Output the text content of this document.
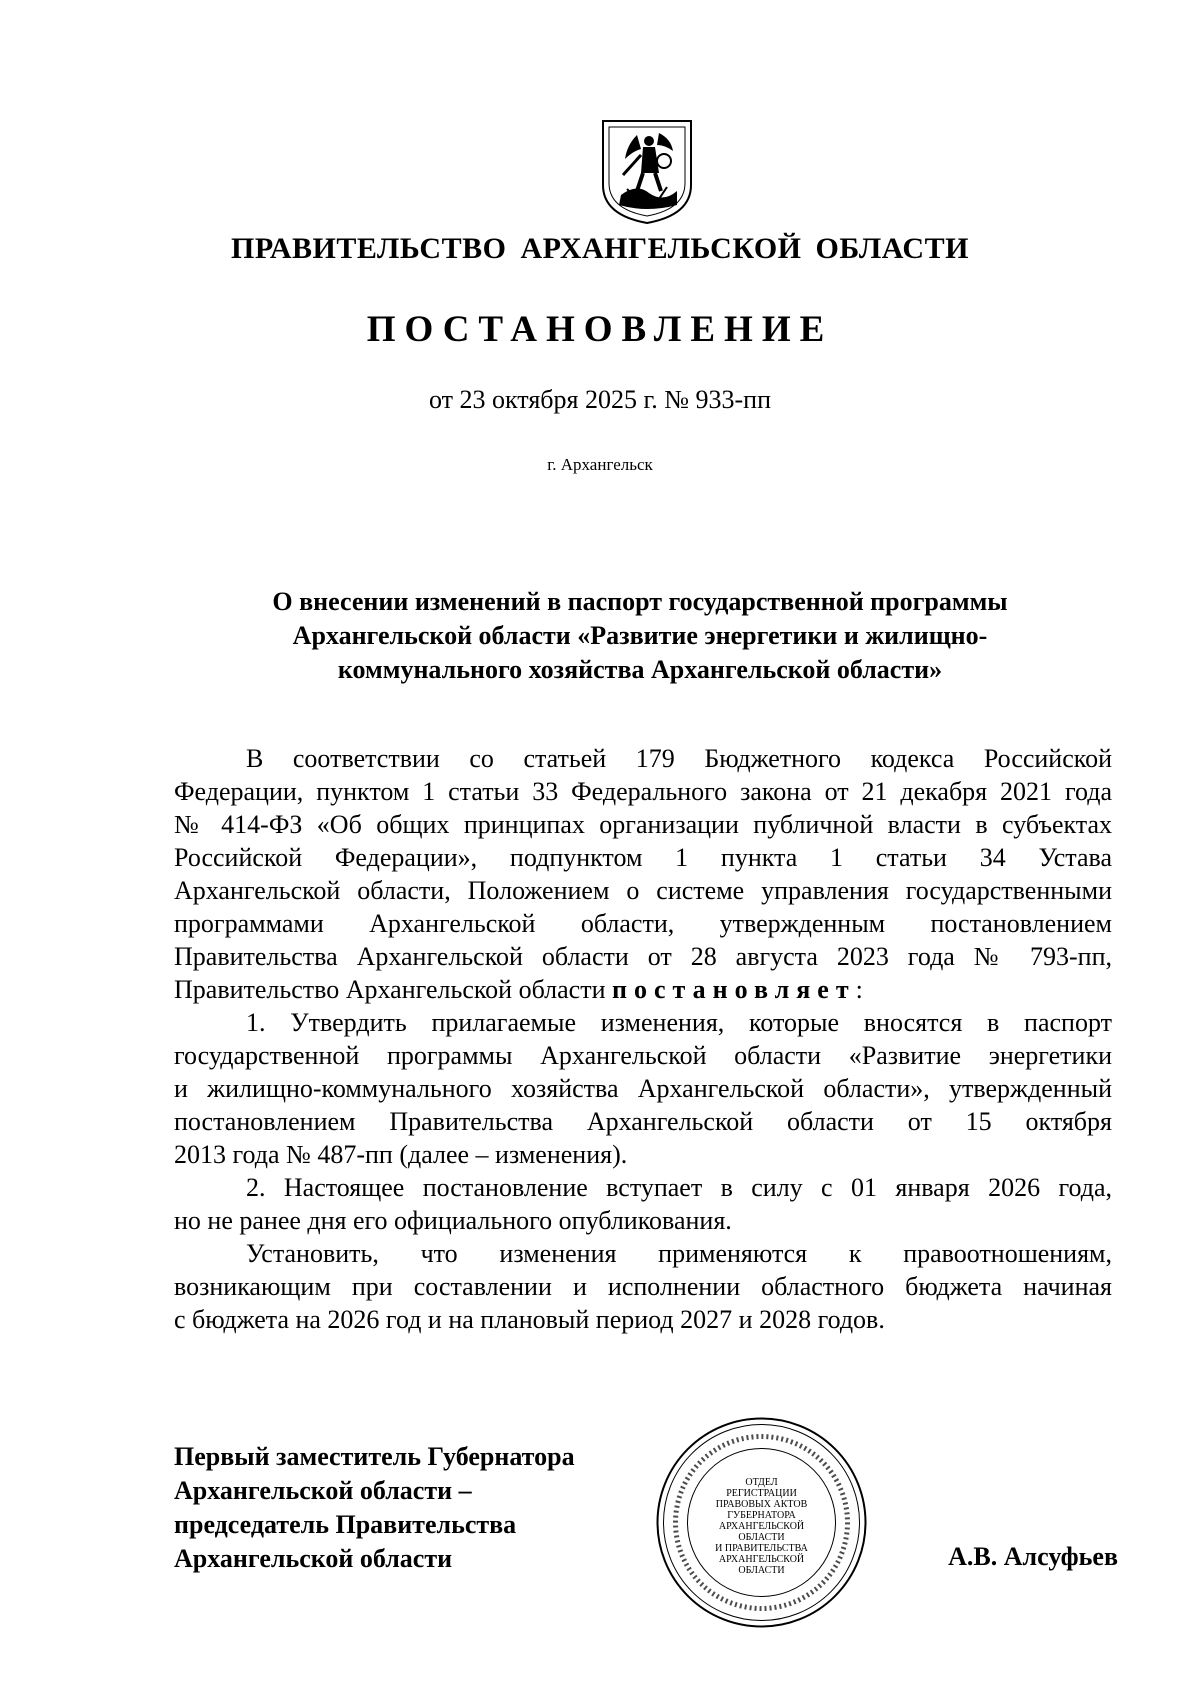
ПРАВИТЕЛЬСТВО АРХАНГЕЛЬСКОЙ ОБЛАСТИ
ПОСТАНОВЛЕНИЕ
от 23 октября 2025 г. № 933-пп
г. Архангельск
О внесении изменений в паспорт государственной программы
Архангельской области «Развитие энергетики и жилищно-
коммунального хозяйства Архангельской области»
В соответствии со статьей 179 Бюджетного кодекса Российской
Федерации, пунктом 1 статьи 33 Федерального закона от 21 декабря 2021 года
№ 414-ФЗ «Об общих принципах организации публичной власти в субъектах
Российской Федерации», подпунктом 1 пункта 1 статьи 34 Устава
Архангельской области, Положением о системе управления государственными
программами Архангельской области, утвержденным постановлением
Правительства Архангельской области от 28 августа 2023 года № 793-пп,
Правительство Архангельской области постановляет:
1. Утвердить прилагаемые изменения, которые вносятся в паспорт
государственной программы Архангельской области «Развитие энергетики
и жилищно-коммунального хозяйства Архангельской области», утвержденный
постановлением Правительства Архангельской области от 15 октября
2013 года № 487-пп (далее – изменения).
2. Настоящее постановление вступает в силу с 01 января 2026 года,
но не ранее дня его официального опубликования.
Установить, что изменения применяются к правоотношениям,
возникающим при составлении и исполнении областного бюджета начиная
с бюджета на 2026 год и на плановый период 2027 и 2028 годов.
Первый заместитель Губернатора
Архангельской области –
председатель Правительства
Архангельской области
ОТДЕЛ
РЕГИСТРАЦИИ
ПРАВОВЫХ АКТОВ
ГУБЕРНАТОРА
АРХАНГЕЛЬСКОЙ
ОБЛАСТИ
И ПРАВИТЕЛЬСТВА
АРХАНГЕЛЬСКОЙ
ОБЛАСТИ	А.В. Алсуфьев
